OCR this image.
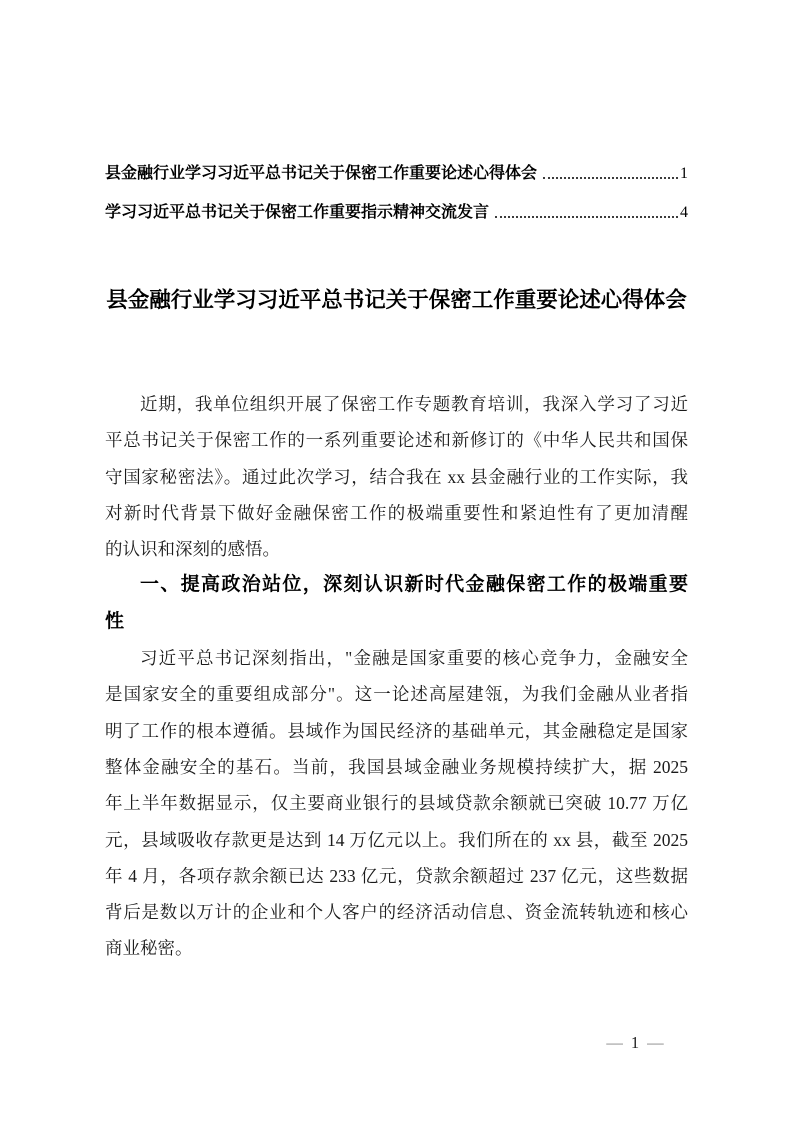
县金融行业学习习近平总书记关于保密工作重要论述心得体会	1
学习习近平总书记关于保密工作重要指示精神交流发言	4
县金融行业学习习近平总书记关于保密工作重要论述心得体会
近期，我单位组织开展了保密工作专题教育培训，我深入学习了习近
平总书记关于保密工作的一系列重要论述和新修订的《中华人民共和国保
守国家秘密法》。通过此次学习，结合我在 xx 县金融行业的工作实际，我
对新时代背景下做好金融保密工作的极端重要性和紧迫性有了更加清醒
的认识和深刻的感悟。
一、提高政治站位，深刻认识新时代金融保密工作的极端重要
性
习近平总书记深刻指出，"金融是国家重要的核心竞争力，金融安全
是国家安全的重要组成部分"。这一论述高屋建瓴，为我们金融从业者指
明了工作的根本遵循。县域作为国民经济的基础单元，其金融稳定是国家
整体金融安全的基石。当前，我国县域金融业务规模持续扩大，据 2025
年上半年数据显示，仅主要商业银行的县域贷款余额就已突破 10.77 万亿
元，县域吸收存款更是达到 14 万亿元以上。我们所在的 xx 县，截至 2025
年 4 月，各项存款余额已达 233 亿元，贷款余额超过 237 亿元，这些数据
背后是数以万计的企业和个人客户的经济活动信息、资金流转轨迹和核心
商业秘密。
— 1 —
